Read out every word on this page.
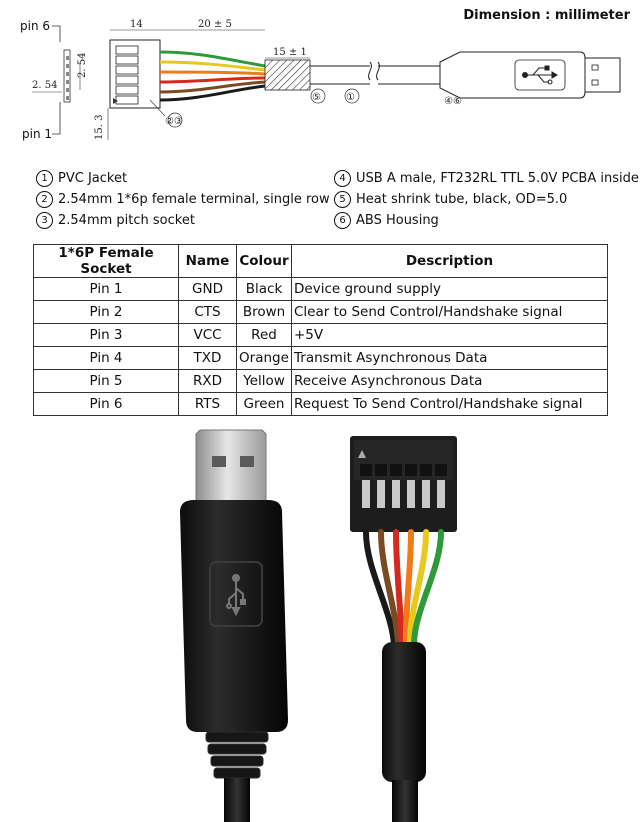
pin 6
pin 1
2. 54
2. 54
14
15. 3	②③
20 ± 5
15 ± 1
⑤	①	④⑥
Dimension : millimeter
1 PVC Jacket
2 2.54mm 1*6p female terminal, single row
3 2.54mm pitch socket
4 USB A male, FT232RL TTL 5.0V PCBA inside
5 Heat shrink tube, black, OD=5.0
6 ABS Housing
1*6P Female Socket	Name	Colour	Description
Pin 1	GND	Black	Device ground supply
Pin 2	CTS	Brown	Clear to Send Control/Handshake signal
Pin 3	VCC	Red	+5V
Pin 4	TXD	Orange	Transmit Asynchronous Data
Pin 5	RXD	Yellow	Receive Asynchronous Data
Pin 6	RTS	Green	Request To Send Control/Handshake signal
